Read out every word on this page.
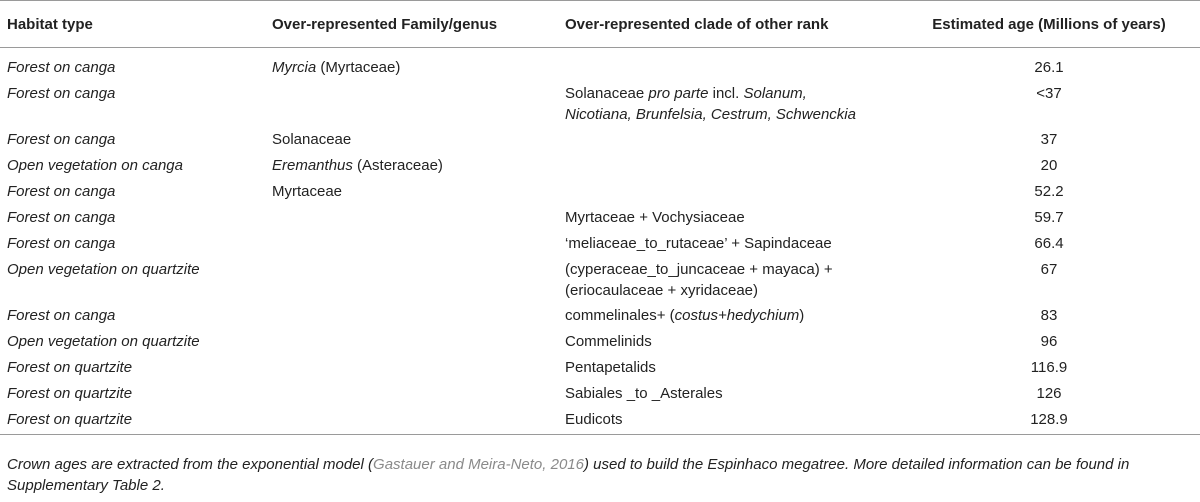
Habitat type	Over-represented Family/genus	Over-represented clade of other rank	Estimated age (Millions of years)
Forest on canga	Myrcia (Myrtaceae)		26.1
Forest on canga		Solanaceae pro parte incl. Solanum,
Nicotiana, Brunfelsia, Cestrum, Schwenckia	<37
Forest on canga	Solanaceae		37
Open vegetation on canga	Eremanthus (Asteraceae)		20
Forest on canga	Myrtaceae		52.2
Forest on canga		Myrtaceae + Vochysiaceae	59.7
Forest on canga		‘meliaceae_to_rutaceae’ + Sapindaceae	66.4
Open vegetation on quartzite		(cyperaceae_to_juncaceae + mayaca) +
(eriocaulaceae + xyridaceae)	67
Forest on canga		commelinales+ (costus+hedychium)	83
Open vegetation on quartzite		Commelinids	96
Forest on quartzite		Pentapetalids	116.9
Forest on quartzite		Sabiales _to _Asterales	126
Forest on quartzite		Eudicots	128.9
Crown ages are extracted from the exponential model (Gastauer and Meira-Neto, 2016) used to build the Espinhaco megatree. More detailed information can be found in Supplementary Table 2.
